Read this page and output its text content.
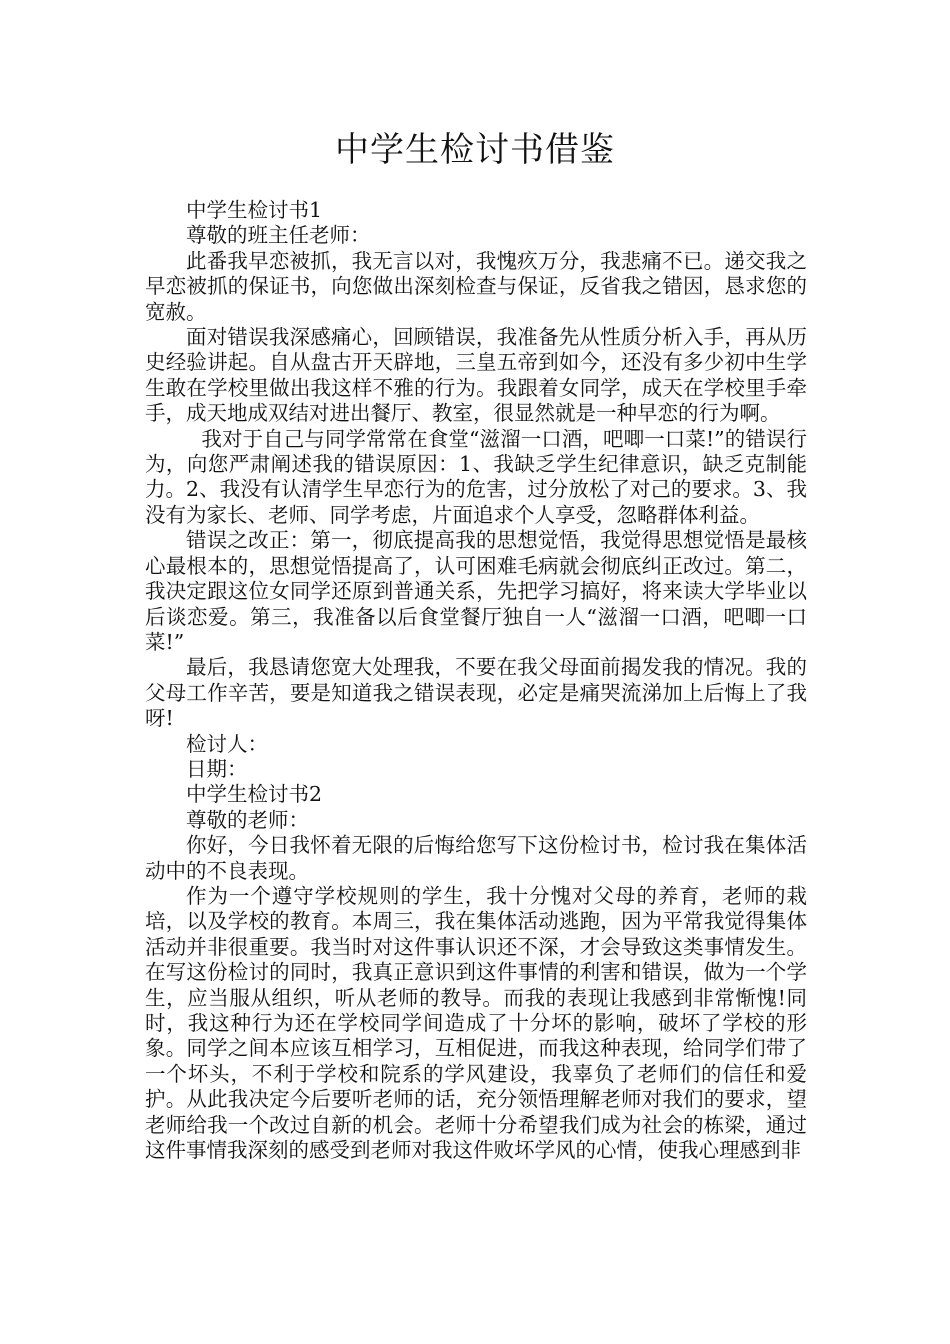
中学生检讨书借鉴

中学生检讨书1

尊敬的班主任老师：

此番我早恋被抓，我无言以对，我愧疚万分，我悲痛不已。递交我之早恋被抓的保证书，向您做出深刻检查与保证，反省我之错因，恳求您的宽赦。

面对错误我深感痛心，回顾错误，我准备先从性质分析入手，再从历史经验讲起。自从盘古开天辟地，三皇五帝到如今，还没有多少初中生学生敢在学校里做出我这样不雅的行为。我跟着女同学，成天在学校里手牵手，成天地成双结对进出餐厅、教室，很显然就是一种早恋的行为啊。

我对于自己与同学常常在食堂“滋溜一口酒，吧唧一口菜!”的错误行为，向您严肃阐述我的错误原因：1、我缺乏学生纪律意识，缺乏克制能力。2、我没有认清学生早恋行为的危害，过分放松了对己的要求。3、我没有为家长、老师、同学考虑，片面追求个人享受，忽略群体利益。

错误之改正：第一，彻底提高我的思想觉悟，我觉得思想觉悟是最核心最根本的，思想觉悟提高了，认可困难毛病就会彻底纠正改过。第二，我决定跟这位女同学还原到普通关系，先把学习搞好，将来读大学毕业以后谈恋爱。第三，我准备以后食堂餐厅独自一人“滋溜一口酒，吧唧一口菜!”

最后，我恳请您宽大处理我，不要在我父母面前揭发我的情况。我的父母工作辛苦，要是知道我之错误表现，必定是痛哭流涕加上后悔上了我呀!

检讨人：

日期：

中学生检讨书2

尊敬的老师：

你好，今日我怀着无限的后悔给您写下这份检讨书，检讨我在集体活动中的不良表现。

作为一个遵守学校规则的学生，我十分愧对父母的养育，老师的栽培，以及学校的教育。本周三，我在集体活动逃跑，因为平常我觉得集体活动并非很重要。我当时对这件事认识还不深，才会导致这类事情发生。在写这份检讨的同时，我真正意识到这件事情的利害和错误，做为一个学生，应当服从组织，听从老师的教导。而我的表现让我感到非常惭愧!同时，我这种行为还在学校同学间造成了十分坏的影响，破坏了学校的形象。同学之间本应该互相学习，互相促进，而我这种表现，给同学们带了一个坏头，不利于学校和院系的学风建设，我辜负了老师们的信任和爱护。从此我决定今后要听老师的话，充分领悟理解老师对我们的要求，望老师给我一个改过自新的机会。老师十分希望我们成为社会的栋梁，通过这件事情我深刻的感受到老师对我这件败坏学风的心情，使我心理感到非
